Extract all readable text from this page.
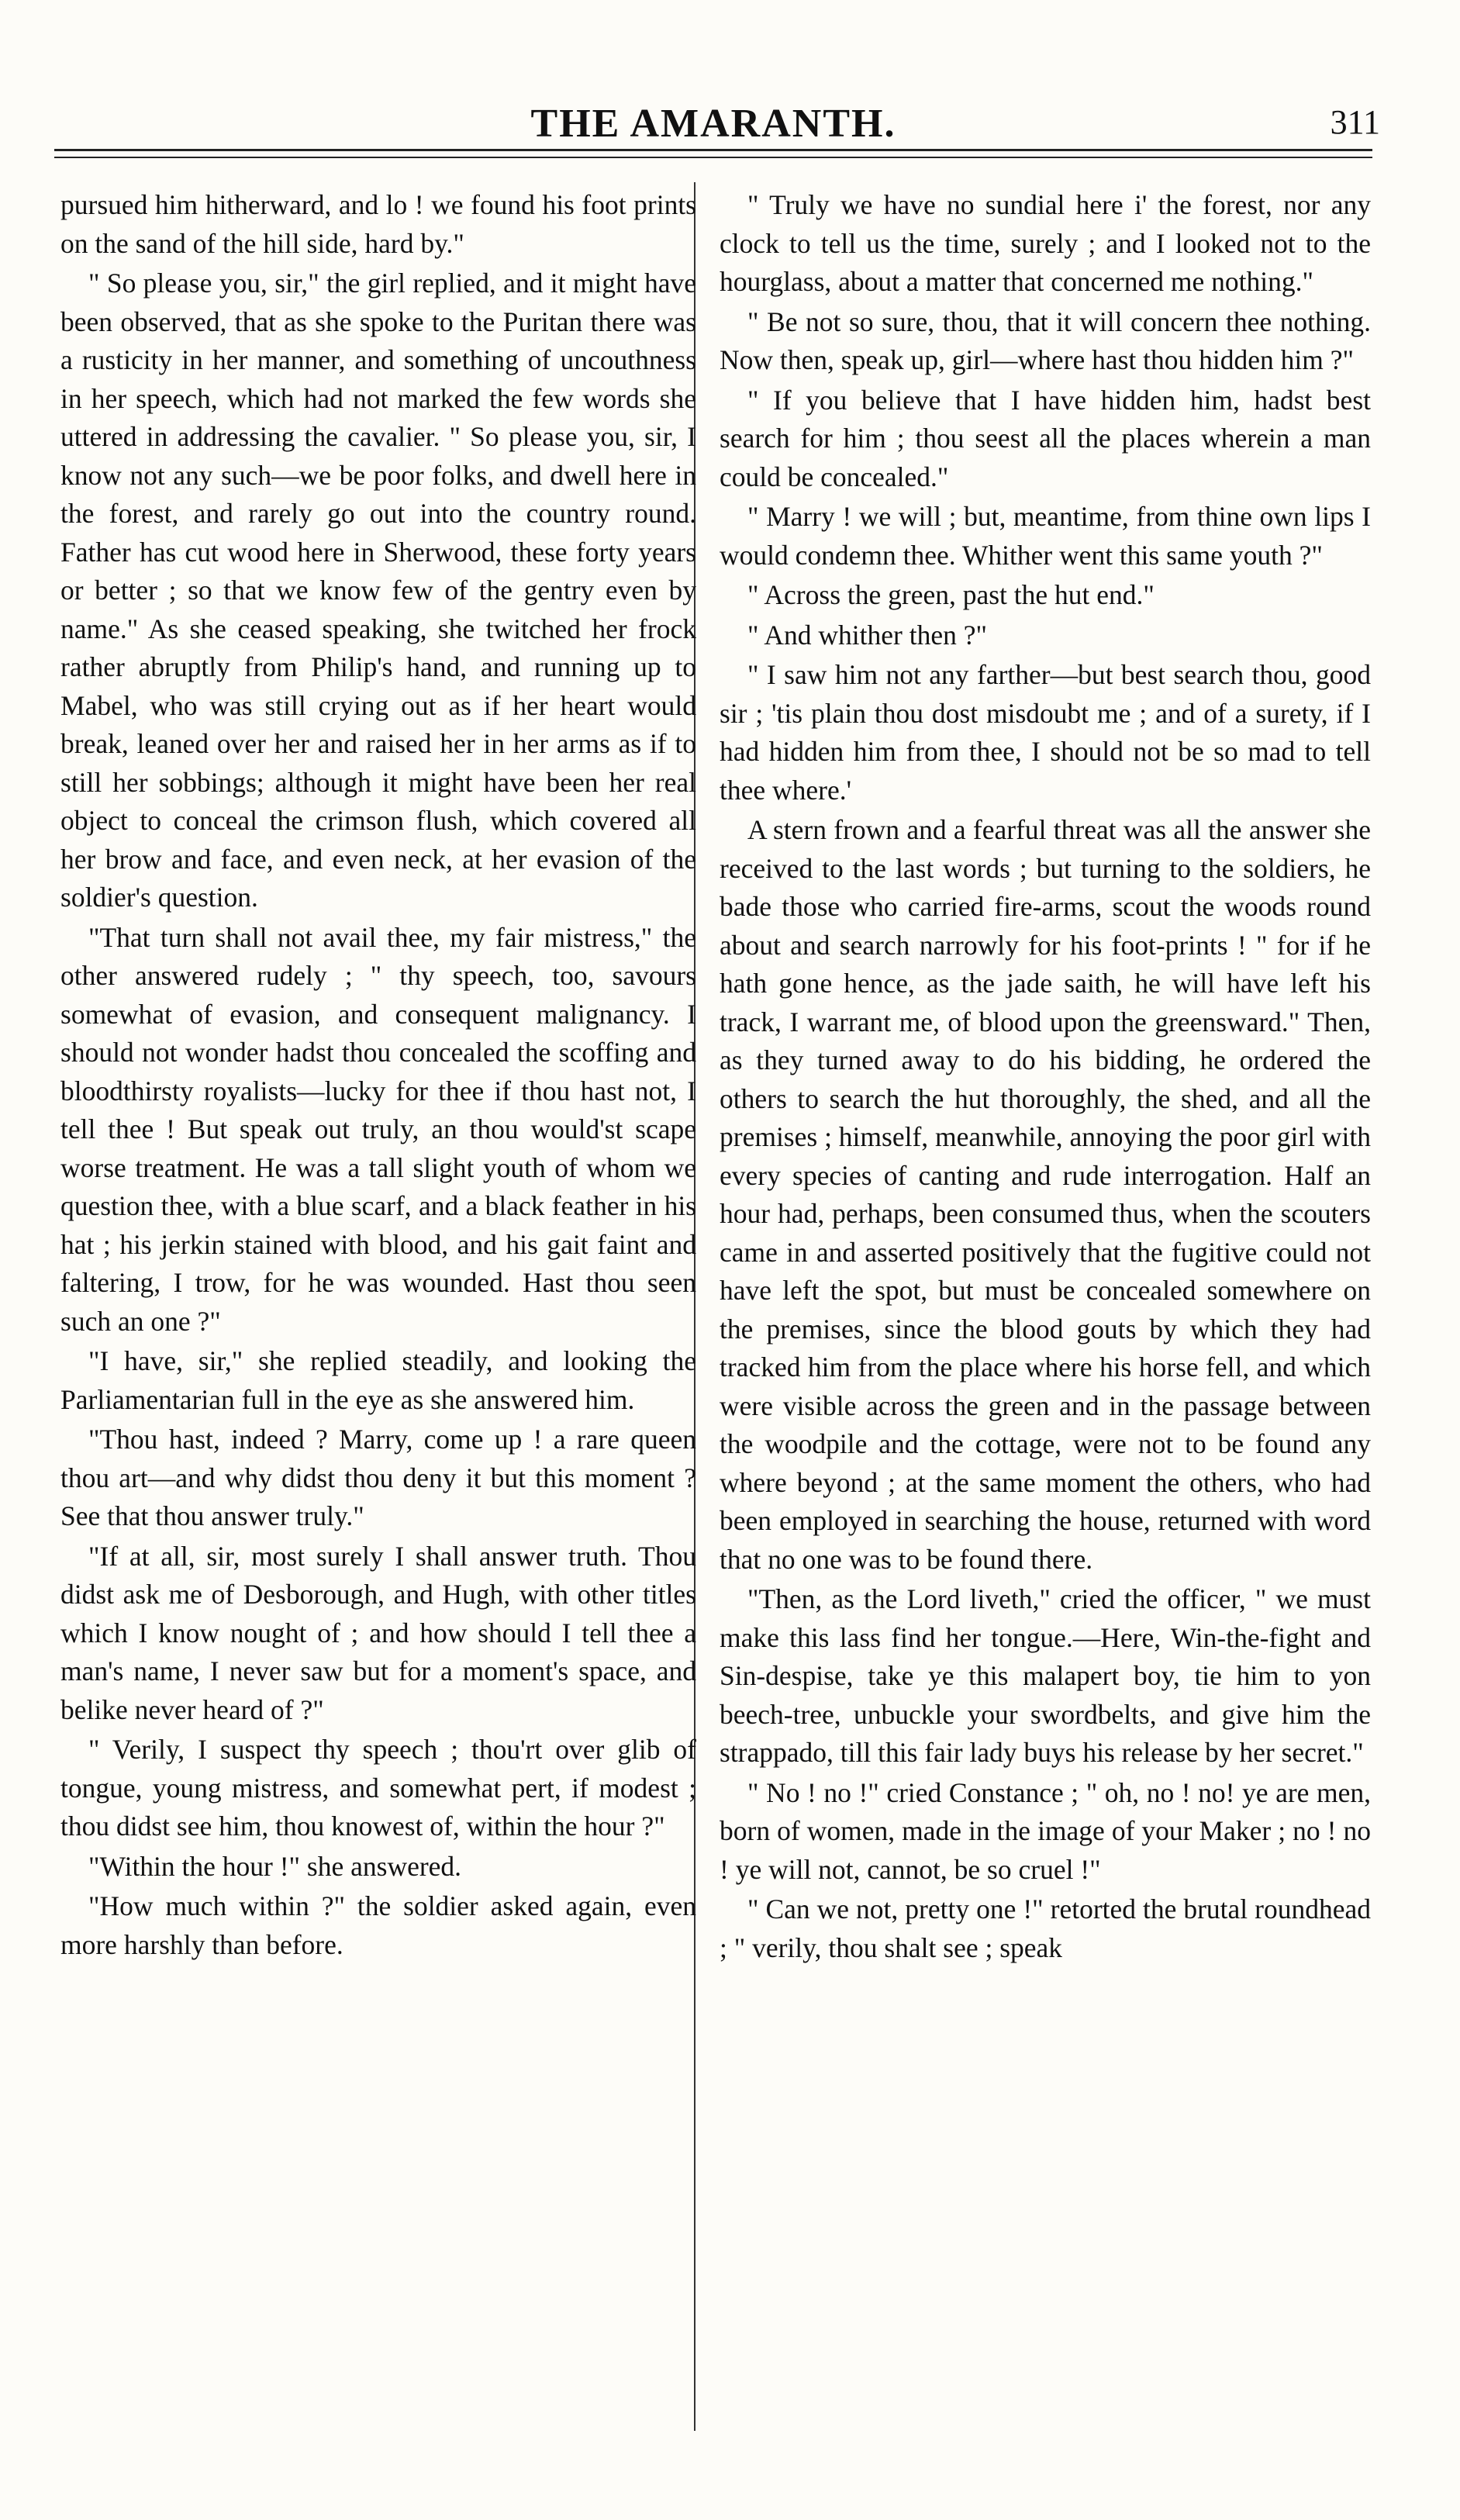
THE AMARANTH.	311

pursued him hitherward, and lo ! we found his foot prints on the sand of the hill side, hard by."

" So please you, sir," the girl replied, and it might have been observed, that as she spoke to the Puritan there was a rusticity in her manner, and something of uncouthness in her speech, which had not marked the few words she uttered in addressing the cavalier. " So please you, sir, I know not any such—we be poor folks, and dwell here in the forest, and rarely go out into the country round. Father has cut wood here in Sherwood, these forty years or better ; so that we know few of the gentry even by name." As she ceased speaking, she twitched her frock rather abruptly from Philip's hand, and running up to Mabel, who was still crying out as if her heart would break, leaned over her and raised her in her arms as if to still her sobbings; although it might have been her real object to conceal the crimson flush, which covered all her brow and face, and even neck, at her evasion of the soldier's question.

"That turn shall not avail thee, my fair mistress," the other answered rudely ; " thy speech, too, savours somewhat of evasion, and consequent malignancy. I should not wonder hadst thou concealed the scoffing and bloodthirsty royalists—lucky for thee if thou hast not, I tell thee ! But speak out truly, an thou would'st scape worse treatment. He was a tall slight youth of whom we question thee, with a blue scarf, and a black feather in his hat ; his jerkin stained with blood, and his gait faint and faltering, I trow, for he was wounded. Hast thou seen such an one ?"

"I have, sir," she replied steadily, and looking the Parliamentarian full in the eye as she answered him.

"Thou hast, indeed ? Marry, come up ! a rare queen thou art—and why didst thou deny it but this moment ? See that thou answer truly."

"If at all, sir, most surely I shall answer truth. Thou didst ask me of Desborough, and Hugh, with other titles which I know nought of ; and how should I tell thee a man's name, I never saw but for a moment's space, and belike never heard of ?"

" Verily, I suspect thy speech ; thou'rt over glib of tongue, young mistress, and somewhat pert, if modest ; thou didst see him, thou knowest of, within the hour ?"

"Within the hour !" she answered.

"How much within ?" the soldier asked again, even more harshly than before.

" Truly we have no sundial here i' the forest, nor any clock to tell us the time, surely ; and I looked not to the hourglass, about a matter that concerned me nothing."

" Be not so sure, thou, that it will concern thee nothing. Now then, speak up, girl—where hast thou hidden him ?"

" If you believe that I have hidden him, hadst best search for him ; thou seest all the places wherein a man could be concealed."

" Marry ! we will ; but, meantime, from thine own lips I would condemn thee. Whither went this same youth ?"

" Across the green, past the hut end."

" And whither then ?"

" I saw him not any farther—but best search thou, good sir ; 'tis plain thou dost misdoubt me ; and of a surety, if I had hidden him from thee, I should not be so mad to tell thee where.'

A stern frown and a fearful threat was all the answer she received to the last words ; but turning to the soldiers, he bade those who carried fire-arms, scout the woods round about and search narrowly for his foot-prints ! " for if he hath gone hence, as the jade saith, he will have left his track, I warrant me, of blood upon the greensward." Then, as they turned away to do his bidding, he ordered the others to search the hut thoroughly, the shed, and all the premises ; himself, meanwhile, annoying the poor girl with every species of canting and rude interrogation. Half an hour had, perhaps, been consumed thus, when the scouters came in and asserted positively that the fugitive could not have left the spot, but must be concealed somewhere on the premises, since the blood gouts by which they had tracked him from the place where his horse fell, and which were visible across the green and in the passage between the woodpile and the cottage, were not to be found any where beyond ; at the same moment the others, who had been employed in searching the house, returned with word that no one was to be found there.

"Then, as the Lord liveth," cried the officer, " we must make this lass find her tongue.—Here, Win-the-fight and Sin-despise, take ye this malapert boy, tie him to yon beech-tree, unbuckle your swordbelts, and give him the strappado, till this fair lady buys his release by her secret."

" No ! no !" cried Constance ; " oh, no ! no! ye are men, born of women, made in the image of your Maker ; no ! no ! ye will not, cannot, be so cruel !"

" Can we not, pretty one !" retorted the brutal roundhead ; " verily, thou shalt see ; speak
